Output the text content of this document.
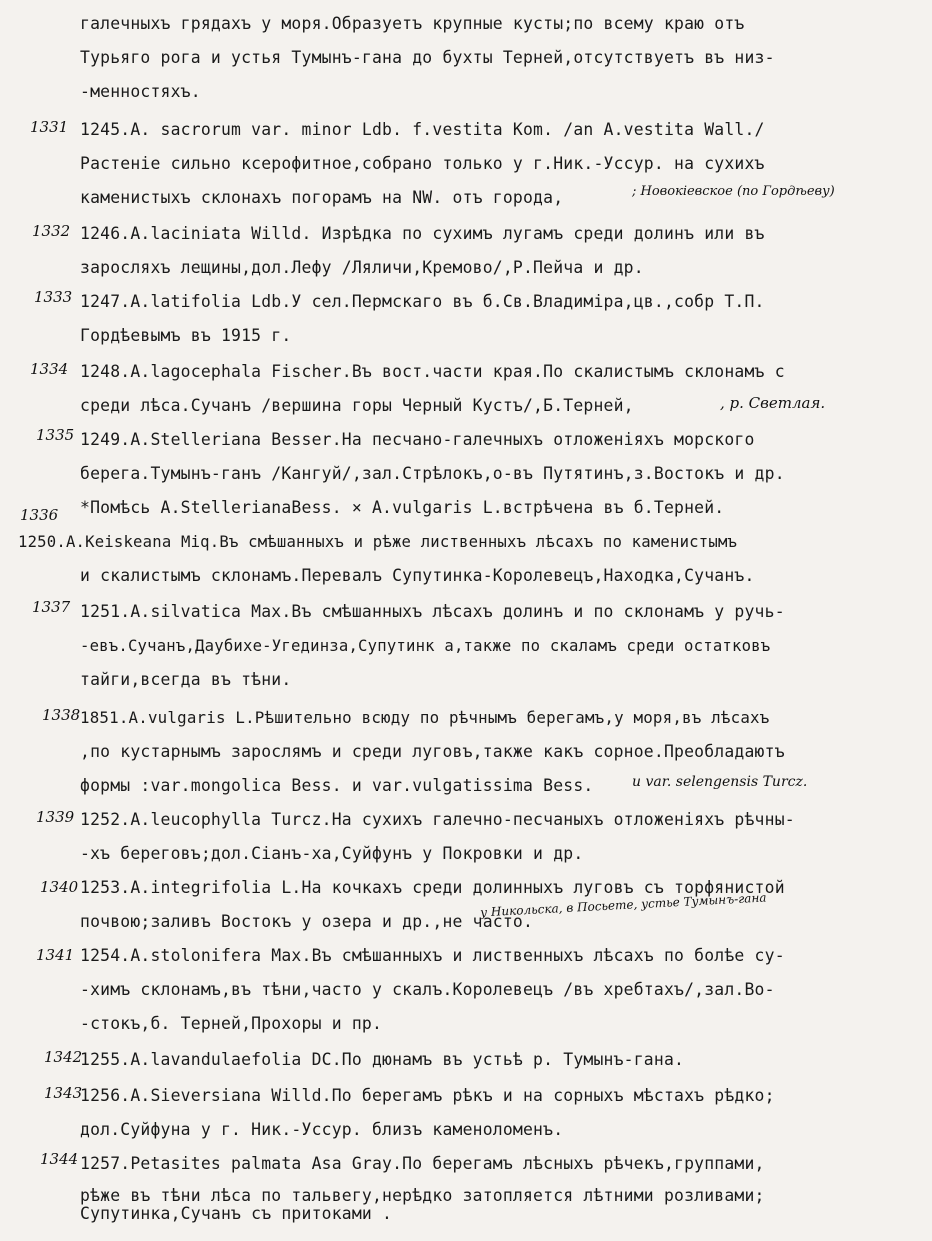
галечныхъ грядахъ у моря.Образуетъ крупные кусты;по всему краю отъ
Турьяго рога и устья Тумынъ-гана до бухты Терней,отсутствуетъ въ низ-
-менностяхъ.
1245.A. sacrorum var. minor Ldb. f.vestita Kom. /an A.vestita Wall./
Растенiе сильно ксерофитное,собрано только у г.Ник.-Уссур. на сухихъ
каменистыхъ склонахъ погорамъ на NW. отъ города,
1246.A.laciniata Willd. Изрѣдка по сухимъ лугамъ среди долинъ или въ
заросляхъ лещины,дол.Лефу /Ляличи,Кремово/,Р.Пейча и др.
1247.A.latifolia Ldb.У сел.Пермскаго въ б.Св.Владимiра,цв.,собр Т.П.
Гордѣевымъ въ 1915 г.
1248.A.lagocephala Fischer.Въ вост.части края.По скалистымъ склонамъ с
среди лѣса.Сучанъ /вершина горы Черный Кустъ/,Б.Терней,
1249.A.Stelleriana Besser.На песчано-галечныхъ отложенiяхъ морского
берега.Тумынъ-ганъ /Кангуй/,зал.Стрѣлокъ,о-въ Путятинъ,з.Востокъ и др.
*Помѣсь A.StellerianaBess. × A.vulgaris L.встрѣчена въ б.Терней.
1250.A.Keiskeana Miq.Въ смѣшанныхъ и рѣже лиственныхъ лѣсахъ по каменистымъ
и скалистымъ склонамъ.Перевалъ Супутинка-Королевецъ,Находка,Сучанъ.
1251.A.silvatica Max.Въ смѣшанныхъ лѣсахъ долинъ и по склонамъ у ручь-
-евъ.Сучанъ,Даубихе-Угединза,Супутинк а,также по скаламъ среди остатковъ
тайги,всегда въ тѣни.
1851.A.vulgaris L.Рѣшительно всюду по рѣчнымъ берегамъ,у моря,въ лѣсахъ
,по кустарнымъ зарослямъ и среди луговъ,также какъ сорное.Преобладаютъ
формы :var.mongolica Bess. и var.vulgatissima Bess.
1252.A.leucophylla Turcz.На сухихъ галечно-песчаныхъ отложенiяхъ рѣчны-
-хъ береговъ;дол.Сiанъ-ха,Суйфунъ у Покровки и др.
1253.A.integrifolia L.На кочкахъ среди долинныхъ луговъ съ торфянистой
почвою;заливъ Востокъ у озера и др.,не часто.
1254.A.stolonifera Max.Въ смѣшанныхъ и лиственныхъ лѣсахъ по болѣе су-
-химъ склонамъ,въ тѣни,часто у скалъ.Королевецъ /въ хребтахъ/,зал.Во-
-стокъ,б. Терней,Прохоры и пр.
1255.A.lavandulaefolia DC.По дюнамъ въ устьѣ р. Тумынъ-гана.
1256.A.Sieversiana Willd.По берегамъ рѣкъ и на сорныхъ мѣстахъ рѣдко;
дол.Суйфуна у г. Ник.-Уссур. близъ каменоломенъ.
1257.Petasites palmata Asa Gray.По берегамъ лѣсныхъ рѣчекъ,группами,
рѣже въ тѣни лѣса по тальвегу,нерѣдко затопляется лѣтними розливами;
Супутинка,Сучанъ съ притоками .
1331
1332
1333
1334
1335
1336
1337
1338
1339
1340
1341
1342
1343
1344
; Новокiевское (по Гордѣеву)
, р. Светлая.
и var. selengensis Turcz.
у Никольска, в Посьете, устье Тумынъ-гана
